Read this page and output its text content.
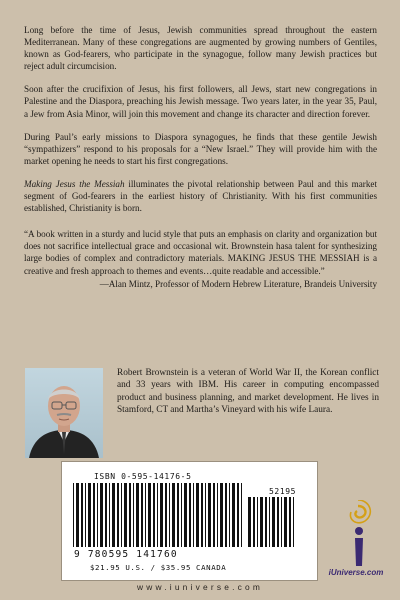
Long before the time of Jesus, Jewish communities spread throughout the eastern Mediterranean. Many of these congregations are augmented by growing numbers of Gentiles, known as God-fearers, who participate in the synagogue, follow many Jewish practices but reject adult circumcision.

Soon after the crucifixion of Jesus, his first followers, all Jews, start new congregations in Palestine and the Diaspora, preaching his Jewish message. Two years later, in the year 35, Paul, a Jew from Asia Minor, will join this movement and change its character and direction forever.

During Paul’s early missions to Diaspora synagogues, he finds that these gentile Jewish “sympathizers” respond to his proposals for a “New Israel.” They will provide him with the market opening he needs to start his first congregations.

Making Jesus the Messiah illuminates the pivotal relationship between Paul and this market segment of God-fearers in the earliest history of Christianity. With his first communities established, Christianity is born.

“A book written in a sturdy and lucid style that puts an emphasis on clarity and organization but does not sacrifice intellectual grace and occasional wit. Brownstein hasa talent for synthesizing large bodies of complex and contradictory materials. MAKING JESUS THE MESSIAH is a creative and fresh approach to themes and events…quite readable and accessible.”

—Alan Mintz, Professor of Modern Hebrew Literature, Brandeis University
Robert Brownstein is a veteran of World War II, the Korean conflict and 33 years with IBM. His career in computing encompassed product and business planning, and market development. He lives in Stamford, CT and Martha’s Vineyard with his wife Laura.
ISBN 0-595-14176-5
52195
9 780595 141760
$21.95 U.S. / $35.95 CANADA
iUniverse.com
www.iuniverse.com
